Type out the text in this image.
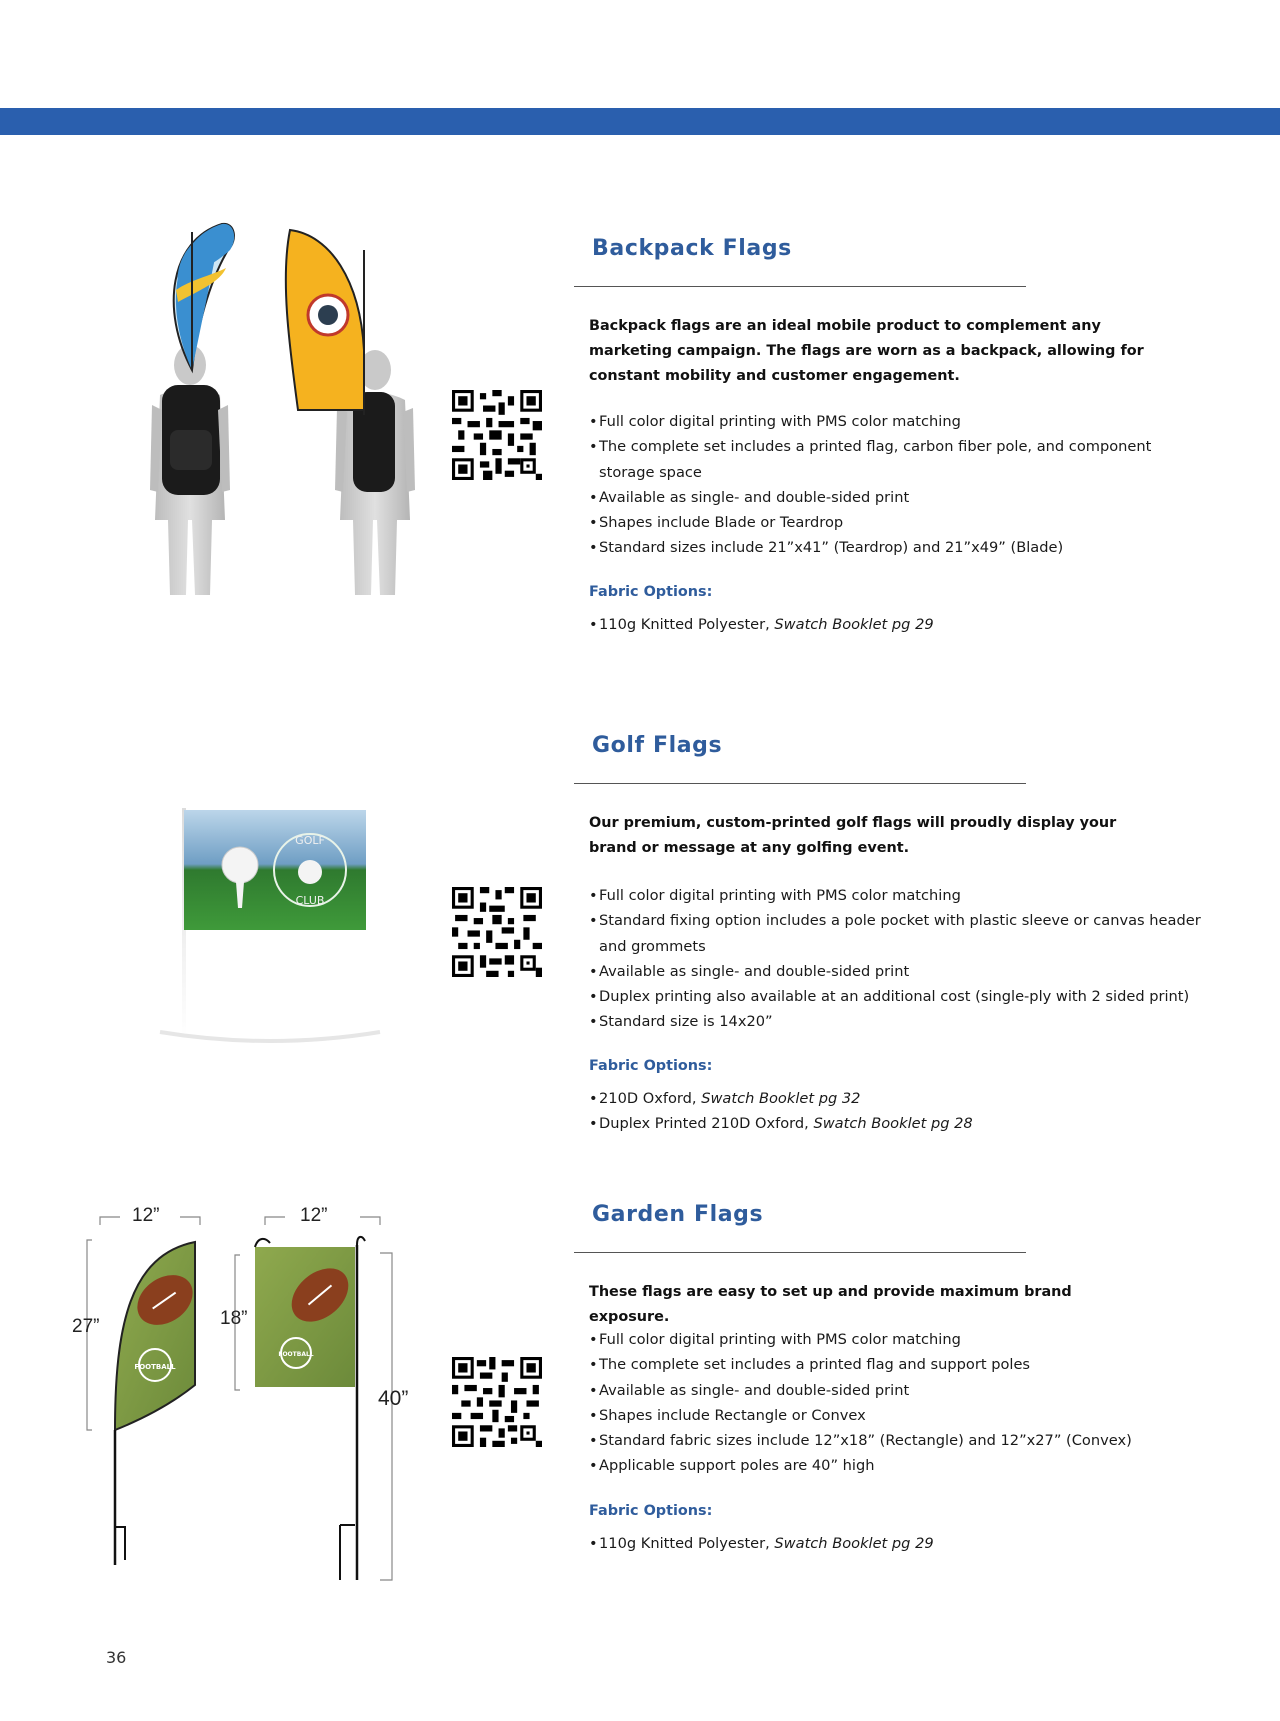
Backpack Flags

Backpack flags are an ideal mobile product to complement any marketing campaign. The flags are worn as a backpack, allowing for constant mobility and customer engagement.

• Full color digital printing with PMS color matching
• The complete set includes a printed flag, carbon fiber pole, and component storage space
• Available as single- and double-sided print
• Shapes include Blade or Teardrop
• Standard sizes include 21”x41” (Teardrop) and 21”x49” (Blade)

Fabric Options:

• 110g Knitted Polyester, Swatch Booklet pg 29
GOLF
CLUB
Golf Flags

Our premium, custom-printed golf flags will proudly display your brand or message at any golfing event.

• Full color digital printing with PMS color matching
• Standard fixing option includes a pole pocket with plastic sleeve or canvas header and grommets
• Available as single- and double-sided print
• Duplex printing also available at an additional cost (single-ply with 2 sided print)
• Standard size is 14x20”

Fabric Options:

• 210D Oxford, Swatch Booklet pg 32
• Duplex Printed 210D Oxford, Swatch Booklet pg 28
FOOTBALL
FOOTBALL
12”
27”
12”
18”
40”
Garden Flags

These flags are easy to set up and provide maximum brand exposure.

• Full color digital printing with PMS color matching
• The complete set includes a printed flag and support poles
• Available as single- and double-sided print
• Shapes include Rectangle or Convex
• Standard fabric sizes include 12”x18” (Rectangle) and 12”x27” (Convex)
• Applicable support poles are 40” high

Fabric Options:

• 110g Knitted Polyester, Swatch Booklet pg 29
36
